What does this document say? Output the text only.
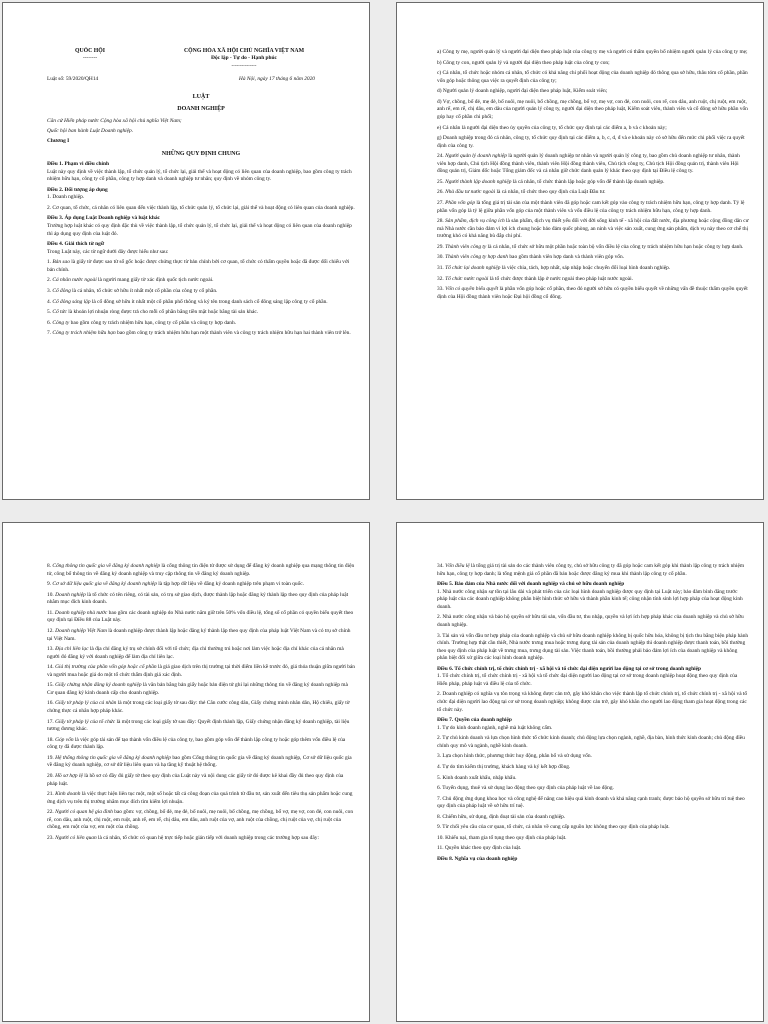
QUỐC HỘI	CỘNG HÒA XÃ HỘI CHỦ NGHĨA VIỆT NAM
--------	Độc lập - Tự do - Hạnh phúc
---------------
Luật số: 59/2020/QH14	Hà Nội, ngày 17 tháng 6 năm 2020
LUẬT
DOANH NGHIỆP
Căn cứ Hiến pháp nước Cộng hòa xã hội chủ nghĩa Việt Nam;
Quốc hội ban hành Luật Doanh nghiệp.
Chương I
NHỮNG QUY ĐỊNH CHUNG
Điều 1. Phạm vi điều chỉnh

Luật này quy định về việc thành lập, tổ chức quản lý, tổ chức lại, giải thể và hoạt động có liên quan của doanh nghiệp, bao gồm công ty trách nhiệm hữu hạn, công ty cổ phần, công ty hợp danh và doanh nghiệp tư nhân; quy định về nhóm công ty.

Điều 2. Đối tượng áp dụng

1. Doanh nghiệp.

2. Cơ quan, tổ chức, cá nhân có liên quan đến việc thành lập, tổ chức quản lý, tổ chức lại, giải thể và hoạt động có liên quan của doanh nghiệp.

Điều 3. Áp dụng Luật Doanh nghiệp và luật khác

Trường hợp luật khác có quy định đặc thù về việc thành lập, tổ chức quản lý, tổ chức lại, giải thể và hoạt động có liên quan của doanh nghiệp thì áp dụng quy định của luật đó.

Điều 4. Giải thích từ ngữ

Trong Luật này, các từ ngữ dưới đây được hiểu như sau:

1. Bản sao là giấy tờ được sao từ sổ gốc hoặc được chứng thực từ bản chính bởi cơ quan, tổ chức có thẩm quyền hoặc đã được đối chiếu với bản chính.

2. Cá nhân nước ngoài là người mang giấy tờ xác định quốc tịch nước ngoài.

3. Cổ đông là cá nhân, tổ chức sở hữu ít nhất một cổ phần của công ty cổ phần.

4. Cổ đông sáng lập là cổ đông sở hữu ít nhất một cổ phần phổ thông và ký tên trong danh sách cổ đông sáng lập công ty cổ phần.

5. Cổ tức là khoản lợi nhuận ròng được trả cho mỗi cổ phần bằng tiền mặt hoặc bằng tài sản khác.

6. Công ty bao gồm công ty trách nhiệm hữu hạn, công ty cổ phần và công ty hợp danh.

7. Công ty trách nhiệm hữu hạn bao gồm công ty trách nhiệm hữu hạn một thành viên và công ty trách nhiệm hữu hạn hai thành viên trở lên.

a) Công ty mẹ, người quản lý và người đại diện theo pháp luật của công ty mẹ và người có thẩm quyền bổ nhiệm người quản lý của công ty mẹ;

b) Công ty con, người quản lý và người đại diện theo pháp luật của công ty con;

c) Cá nhân, tổ chức hoặc nhóm cá nhân, tổ chức có khả năng chi phối hoạt động của doanh nghiệp đó thông qua sở hữu, thâu tóm cổ phần, phần vốn góp hoặc thông qua việc ra quyết định của công ty;

d) Người quản lý doanh nghiệp, người đại diện theo pháp luật, Kiểm soát viên;

đ) Vợ, chồng, bố đẻ, mẹ đẻ, bố nuôi, mẹ nuôi, bố chồng, mẹ chồng, bố vợ, mẹ vợ, con đẻ, con nuôi, con rể, con dâu, anh ruột, chị ruột, em ruột, anh rể, em rể, chị dâu, em dâu của người quản lý công ty, người đại diện theo pháp luật, Kiểm soát viên, thành viên và cổ đông sở hữu phần vốn góp hay cổ phần chi phối;

e) Cá nhân là người đại diện theo ủy quyền của công ty, tổ chức quy định tại các điểm a, b và c khoản này;

g) Doanh nghiệp trong đó cá nhân, công ty, tổ chức quy định tại các điểm a, b, c, d, đ và e khoản này có sở hữu đến mức chi phối việc ra quyết định của công ty.

24. Người quản lý doanh nghiệp là người quản lý doanh nghiệp tư nhân và người quản lý công ty, bao gồm chủ doanh nghiệp tư nhân, thành viên hợp danh, Chủ tịch Hội đồng thành viên, thành viên Hội đồng thành viên, Chủ tịch công ty, Chủ tịch Hội đồng quản trị, thành viên Hội đồng quản trị, Giám đốc hoặc Tổng giám đốc và cá nhân giữ chức danh quản lý khác theo quy định tại Điều lệ công ty.

25. Người thành lập doanh nghiệp là cá nhân, tổ chức thành lập hoặc góp vốn để thành lập doanh nghiệp.

26. Nhà đầu tư nước ngoài là cá nhân, tổ chức theo quy định của Luật Đầu tư.

27. Phần vốn góp là tổng giá trị tài sản của một thành viên đã góp hoặc cam kết góp vào công ty trách nhiệm hữu hạn, công ty hợp danh. Tỷ lệ phần vốn góp là tỷ lệ giữa phần vốn góp của một thành viên và vốn điều lệ của công ty trách nhiệm hữu hạn, công ty hợp danh.

28. Sản phẩm, dịch vụ công ích là sản phẩm, dịch vụ thiết yếu đối với đời sống kinh tế - xã hội của đất nước, địa phương hoặc cộng đồng dân cư mà Nhà nước cần bảo đảm vì lợi ích chung hoặc bảo đảm quốc phòng, an ninh và việc sản xuất, cung ứng sản phẩm, dịch vụ này theo cơ chế thị trường khó có khả năng bù đắp chi phí.

29. Thành viên công ty là cá nhân, tổ chức sở hữu một phần hoặc toàn bộ vốn điều lệ của công ty trách nhiệm hữu hạn hoặc công ty hợp danh.

30. Thành viên công ty hợp danh bao gồm thành viên hợp danh và thành viên góp vốn.

31. Tổ chức lại doanh nghiệp là việc chia, tách, hợp nhất, sáp nhập hoặc chuyển đổi loại hình doanh nghiệp.

32. Tổ chức nước ngoài là tổ chức được thành lập ở nước ngoài theo pháp luật nước ngoài.

33. Vốn có quyền biểu quyết là phần vốn góp hoặc cổ phần, theo đó người sở hữu có quyền biểu quyết về những vấn đề thuộc thẩm quyền quyết định của Hội đồng thành viên hoặc Đại hội đồng cổ đông.

8. Cổng thông tin quốc gia về đăng ký doanh nghiệp là cổng thông tin điện tử được sử dụng để đăng ký doanh nghiệp qua mạng thông tin điện tử, công bố thông tin về đăng ký doanh nghiệp và truy cập thông tin về đăng ký doanh nghiệp.

9. Cơ sở dữ liệu quốc gia về đăng ký doanh nghiệp là tập hợp dữ liệu về đăng ký doanh nghiệp trên phạm vi toàn quốc.

10. Doanh nghiệp là tổ chức có tên riêng, có tài sản, có trụ sở giao dịch, được thành lập hoặc đăng ký thành lập theo quy định của pháp luật nhằm mục đích kinh doanh.

11. Doanh nghiệp nhà nước bao gồm các doanh nghiệp do Nhà nước nắm giữ trên 50% vốn điều lệ, tổng số cổ phần có quyền biểu quyết theo quy định tại Điều 88 của Luật này.

12. Doanh nghiệp Việt Nam là doanh nghiệp được thành lập hoặc đăng ký thành lập theo quy định của pháp luật Việt Nam và có trụ sở chính tại Việt Nam.

13. Địa chỉ liên lạc là địa chỉ đăng ký trụ sở chính đối với tổ chức; địa chỉ thường trú hoặc nơi làm việc hoặc địa chỉ khác của cá nhân mà người đó đăng ký với doanh nghiệp để làm địa chỉ liên lạc.

14. Giá thị trường của phần vốn góp hoặc cổ phần là giá giao dịch trên thị trường tại thời điểm liền kề trước đó, giá thỏa thuận giữa người bán và người mua hoặc giá do một tổ chức thẩm định giá xác định.

15. Giấy chứng nhận đăng ký doanh nghiệp là văn bản bằng bản giấy hoặc bản điện tử ghi lại những thông tin về đăng ký doanh nghiệp mà Cơ quan đăng ký kinh doanh cấp cho doanh nghiệp.

16. Giấy tờ pháp lý của cá nhân là một trong các loại giấy tờ sau đây: thẻ Căn cước công dân, Giấy chứng minh nhân dân, Hộ chiếu, giấy tờ chứng thực cá nhân hợp pháp khác.

17. Giấy tờ pháp lý của tổ chức là một trong các loại giấy tờ sau đây: Quyết định thành lập, Giấy chứng nhận đăng ký doanh nghiệp, tài liệu tương đương khác.

18. Góp vốn là việc góp tài sản để tạo thành vốn điều lệ của công ty, bao gồm góp vốn để thành lập công ty hoặc góp thêm vốn điều lệ của công ty đã được thành lập.

19. Hệ thống thông tin quốc gia về đăng ký doanh nghiệp bao gồm Cổng thông tin quốc gia về đăng ký doanh nghiệp, Cơ sở dữ liệu quốc gia về đăng ký doanh nghiệp, cơ sở dữ liệu liên quan và hạ tầng kỹ thuật hệ thống.

20. Hồ sơ hợp lệ là hồ sơ có đầy đủ giấy tờ theo quy định của Luật này và nội dung các giấy tờ đó được kê khai đầy đủ theo quy định của pháp luật.

21. Kinh doanh là việc thực hiện liên tục một, một số hoặc tất cả công đoạn của quá trình từ đầu tư, sản xuất đến tiêu thụ sản phẩm hoặc cung ứng dịch vụ trên thị trường nhằm mục đích tìm kiếm lợi nhuận.

22. Người có quan hệ gia đình bao gồm: vợ, chồng, bố đẻ, mẹ đẻ, bố nuôi, mẹ nuôi, bố chồng, mẹ chồng, bố vợ, mẹ vợ, con đẻ, con nuôi, con rể, con dâu, anh ruột, chị ruột, em ruột, anh rể, em rể, chị dâu, em dâu, anh ruột của vợ, anh ruột của chồng, chị ruột của vợ, chị ruột của chồng, em ruột của vợ, em ruột của chồng.

23. Người có liên quan là cá nhân, tổ chức có quan hệ trực tiếp hoặc gián tiếp với doanh nghiệp trong các trường hợp sau đây:

34. Vốn điều lệ là tổng giá trị tài sản do các thành viên công ty, chủ sở hữu công ty đã góp hoặc cam kết góp khi thành lập công ty trách nhiệm hữu hạn, công ty hợp danh; là tổng mệnh giá cổ phần đã bán hoặc được đăng ký mua khi thành lập công ty cổ phần.

Điều 5. Bảo đảm của Nhà nước đối với doanh nghiệp và chủ sở hữu doanh nghiệp

1. Nhà nước công nhận sự tồn tại lâu dài và phát triển của các loại hình doanh nghiệp được quy định tại Luật này; bảo đảm bình đẳng trước pháp luật của các doanh nghiệp không phân biệt hình thức sở hữu và thành phần kinh tế; công nhận tính sinh lợi hợp pháp của hoạt động kinh doanh.

2. Nhà nước công nhận và bảo hộ quyền sở hữu tài sản, vốn đầu tư, thu nhập, quyền và lợi ích hợp pháp khác của doanh nghiệp và chủ sở hữu doanh nghiệp.

3. Tài sản và vốn đầu tư hợp pháp của doanh nghiệp và chủ sở hữu doanh nghiệp không bị quốc hữu hóa, không bị tịch thu bằng biện pháp hành chính. Trường hợp thật cần thiết, Nhà nước trưng mua hoặc trưng dụng tài sản của doanh nghiệp thì doanh nghiệp được thanh toán, bồi thường theo quy định của pháp luật về trưng mua, trưng dụng tài sản. Việc thanh toán, bồi thường phải bảo đảm lợi ích của doanh nghiệp và không phân biệt đối xử giữa các loại hình doanh nghiệp.

Điều 6. Tổ chức chính trị, tổ chức chính trị - xã hội và tổ chức đại diện người lao động tại cơ sở trong doanh nghiệp

1. Tổ chức chính trị, tổ chức chính trị - xã hội và tổ chức đại diện người lao động tại cơ sở trong doanh nghiệp hoạt động theo quy định của Hiến pháp, pháp luật và điều lệ của tổ chức.

2. Doanh nghiệp có nghĩa vụ tôn trọng và không được cản trở, gây khó khăn cho việc thành lập tổ chức chính trị, tổ chức chính trị - xã hội và tổ chức đại diện người lao động tại cơ sở trong doanh nghiệp; không được cản trở, gây khó khăn cho người lao động tham gia hoạt động trong các tổ chức này.

Điều 7. Quyền của doanh nghiệp

1. Tự do kinh doanh ngành, nghề mà luật không cấm.

2. Tự chủ kinh doanh và lựa chọn hình thức tổ chức kinh doanh; chủ động lựa chọn ngành, nghề, địa bàn, hình thức kinh doanh; chủ động điều chỉnh quy mô và ngành, nghề kinh doanh.

3. Lựa chọn hình thức, phương thức huy động, phân bổ và sử dụng vốn.

4. Tự do tìm kiếm thị trường, khách hàng và ký kết hợp đồng.

5. Kinh doanh xuất khẩu, nhập khẩu.

6. Tuyển dụng, thuê và sử dụng lao động theo quy định của pháp luật về lao động.

7. Chủ động ứng dụng khoa học và công nghệ để nâng cao hiệu quả kinh doanh và khả năng cạnh tranh; được bảo hộ quyền sở hữu trí tuệ theo quy định của pháp luật về sở hữu trí tuệ.

8. Chiếm hữu, sử dụng, định đoạt tài sản của doanh nghiệp.

9. Từ chối yêu cầu của cơ quan, tổ chức, cá nhân về cung cấp nguồn lực không theo quy định của pháp luật.

10. Khiếu nại, tham gia tố tụng theo quy định của pháp luật.

11. Quyền khác theo quy định của luật.

Điều 8. Nghĩa vụ của doanh nghiệp
